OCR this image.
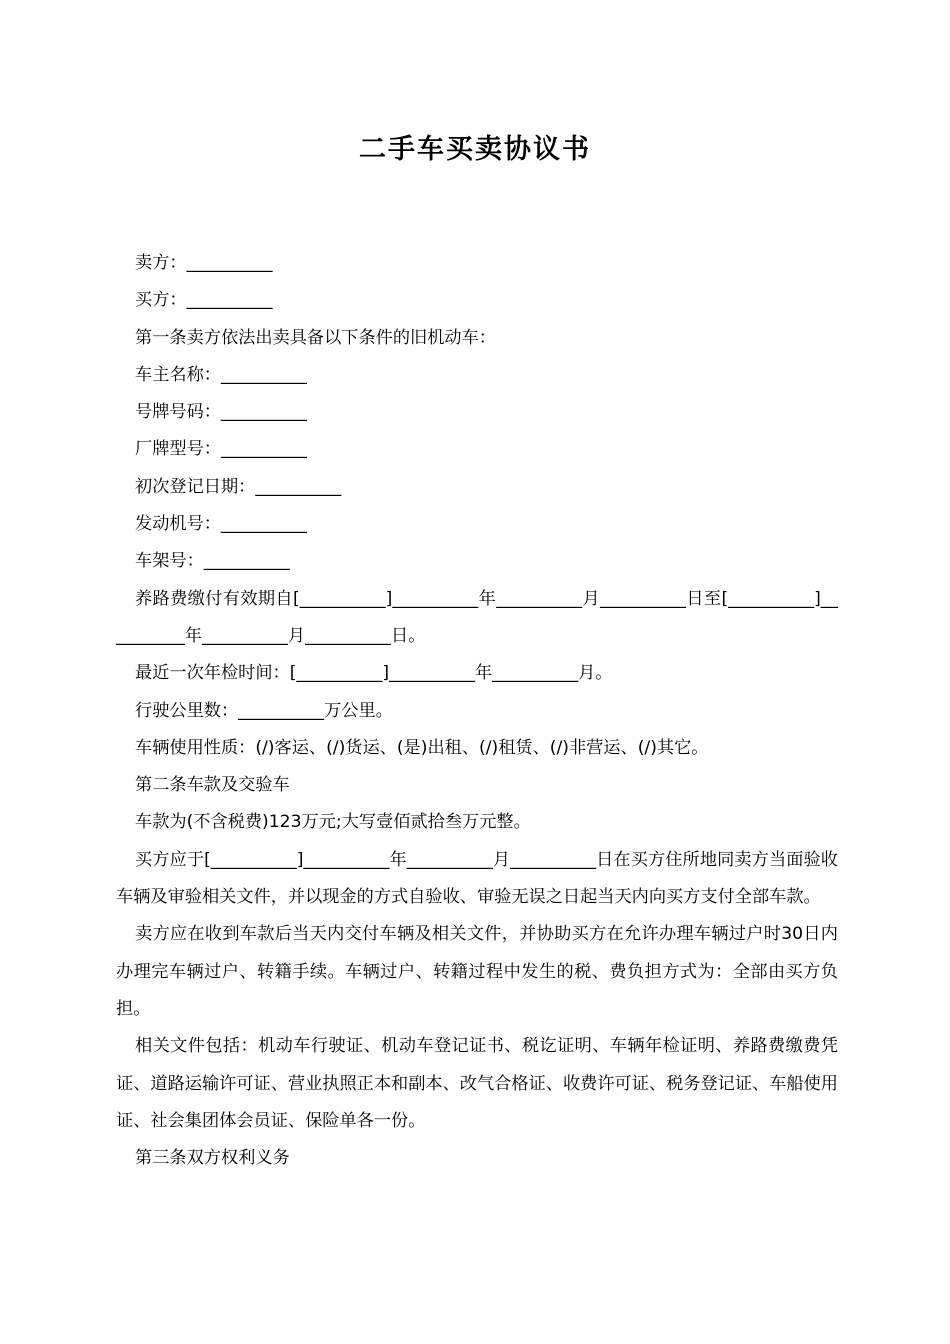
二手车买卖协议书

卖方：__________

买方：__________

第一条卖方依法出卖具备以下条件的旧机动车：

车主名称：__________

号牌号码：__________

厂牌型号：__________

初次登记日期：__________

发动机号：__________

车架号：__________

养路费缴付有效期自[__________]__________年__________月__________日至[__________]__________年__________月__________日。

最近一次年检时间：[__________]__________年__________月。

行驶公里数：__________万公里。

车辆使用性质：(/)客运、(/)货运、(是)出租、(/)租赁、(/)非营运、(/)其它。

第二条车款及交验车

车款为(不含税费)123万元;大写壹佰贰拾叁万元整。

买方应于[__________]__________年__________月__________日在买方住所地同卖方当面验收车辆及审验相关文件，并以现金的方式自验收、审验无误之日起当天内向买方支付全部车款。

卖方应在收到车款后当天内交付车辆及相关文件，并协助买方在允许办理车辆过户时30日内办理完车辆过户、转籍手续。车辆过户、转籍过程中发生的税、费负担方式为：全部由买方负担。

相关文件包括：机动车行驶证、机动车登记证书、税讫证明、车辆年检证明、养路费缴费凭证、道路运输许可证、营业执照正本和副本、改气合格证、收费许可证、税务登记证、车船使用证、社会集团体会员证、保险单各一份。

第三条双方权利义务
